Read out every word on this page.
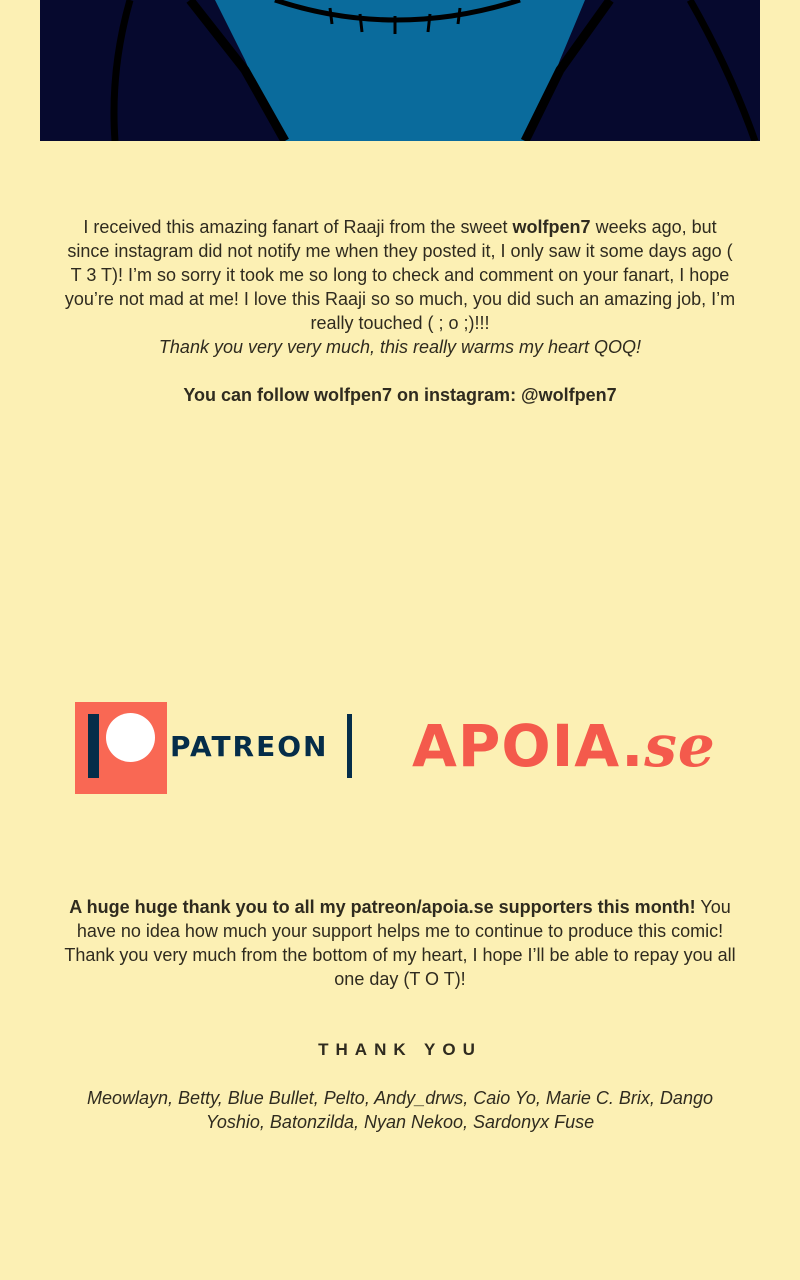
I received this amazing fanart of Raaji from the sweet wolfpen7 weeks ago, but since instagram did not notify me when they posted it, I only saw it some days ago ( T 3 T)! I’m so sorry it took me so long to check and comment on your fanart, I hope you’re not mad at me! I love this Raaji so so much, you did such an amazing job, I’m really touched ( ; o ;)!!!
Thank you very very much, this really warms my heart QOQ!

You can follow wolfpen7 on instagram: @wolfpen7

PATREON APOIA.se

A huge huge thank you to all my patreon/apoia.se supporters this month! You have no idea how much your support helps me to continue to produce this comic! Thank you very much from the bottom of my heart, I hope I’ll be able to repay you all one day (T O T)!

THANK YOU

Meowlayn, Betty, Blue Bullet, Pelto, Andy_drws, Caio Yo, Marie C. Brix, Dango Yoshio, Batonzilda, Nyan Nekoo, Sardonyx Fuse
